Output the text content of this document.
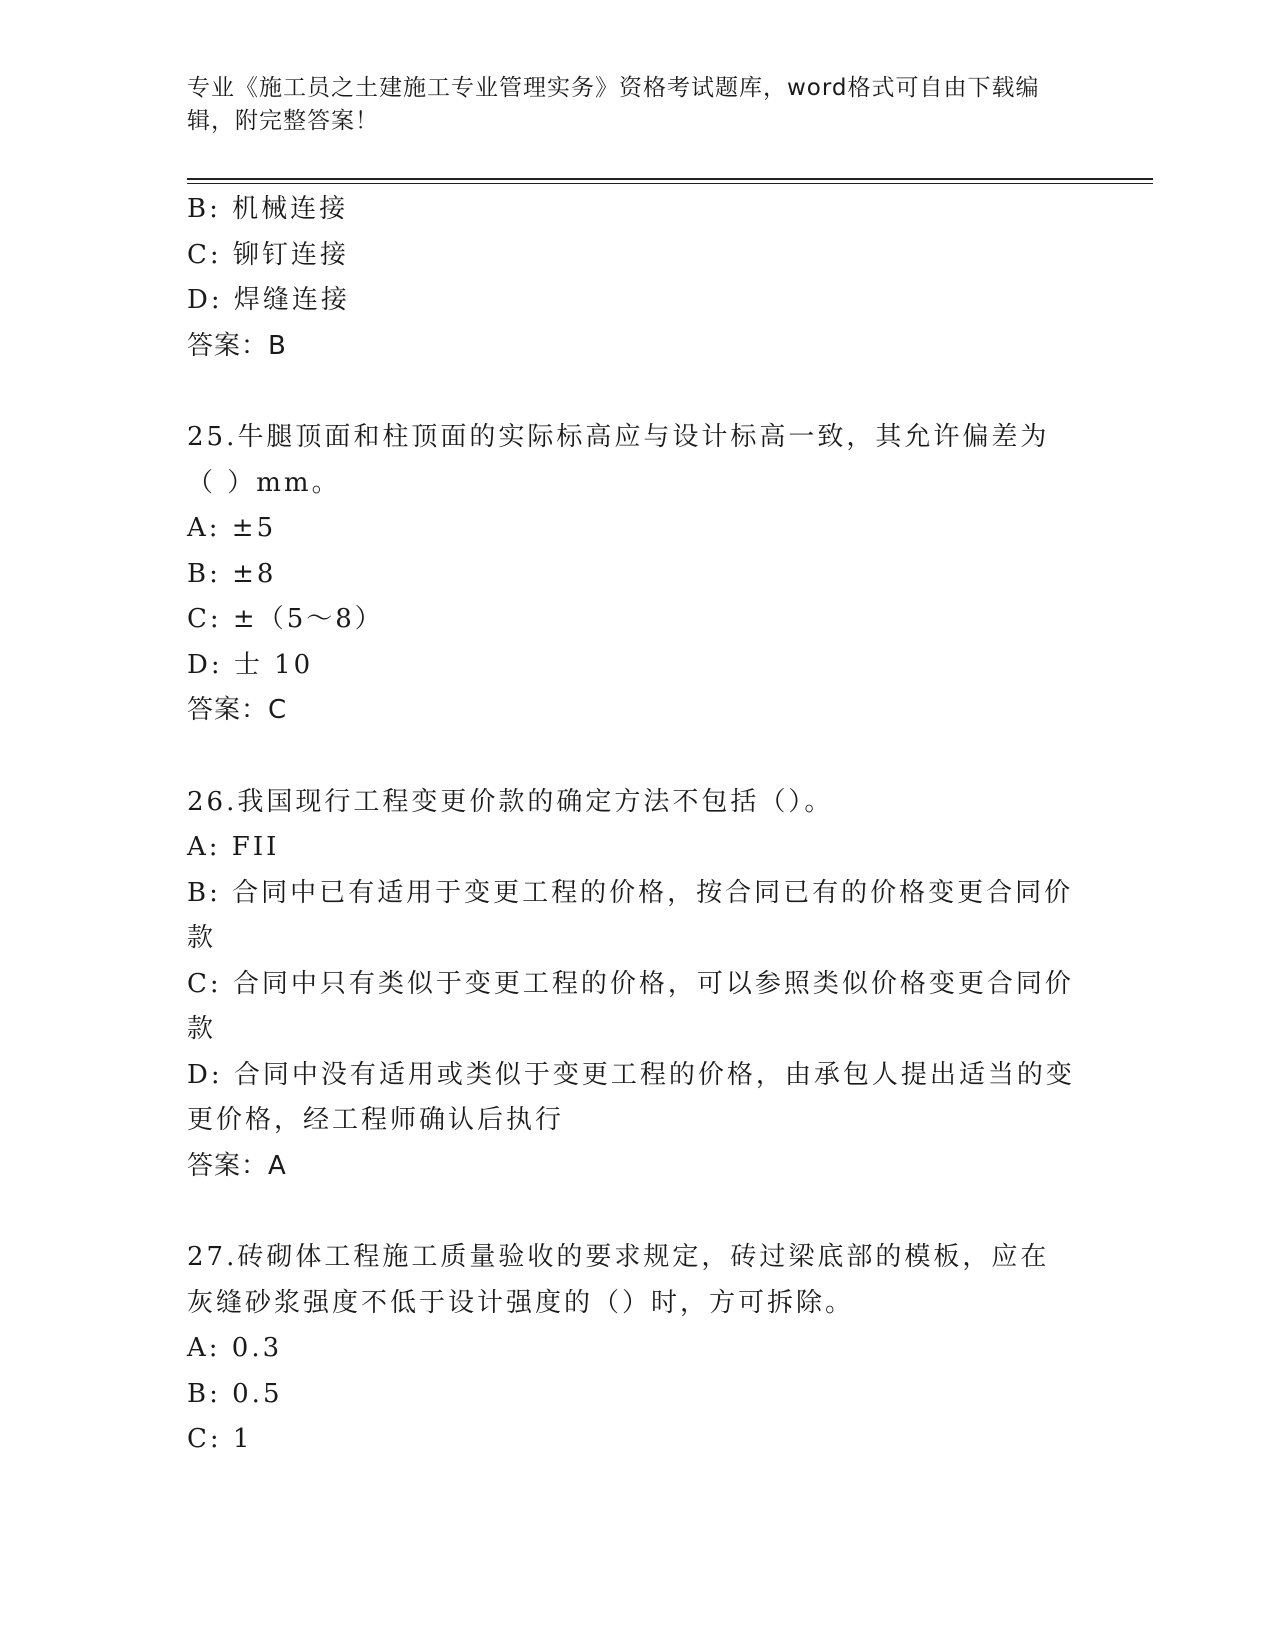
专业《施工员之土建施工专业管理实务》资格考试题库，word格式可自由下载编辑，附完整答案！
B: 机械连接
C: 铆钉连接
D: 焊缝连接
答案：B
25.牛腿顶面和柱顶面的实际标高应与设计标高一致，其允许偏差为（ ）mm。
A: ±5
B: ±8
C: ±（5～8）
D: 士 10
答案：C
26.我国现行工程变更价款的确定方法不包括（）。
A: FII
B: 合同中已有适用于变更工程的价格，按合同已有的价格变更合同价款
C: 合同中只有类似于变更工程的价格，可以参照类似价格变更合同价款
D: 合同中没有适用或类似于变更工程的价格，由承包人提出适当的变更价格，经工程师确认后执行
答案：A
27.砖砌体工程施工质量验收的要求规定，砖过梁底部的模板，应在灰缝砂浆强度不低于设计强度的（）时，方可拆除。
A: 0.3
B: 0.5
C: 1
